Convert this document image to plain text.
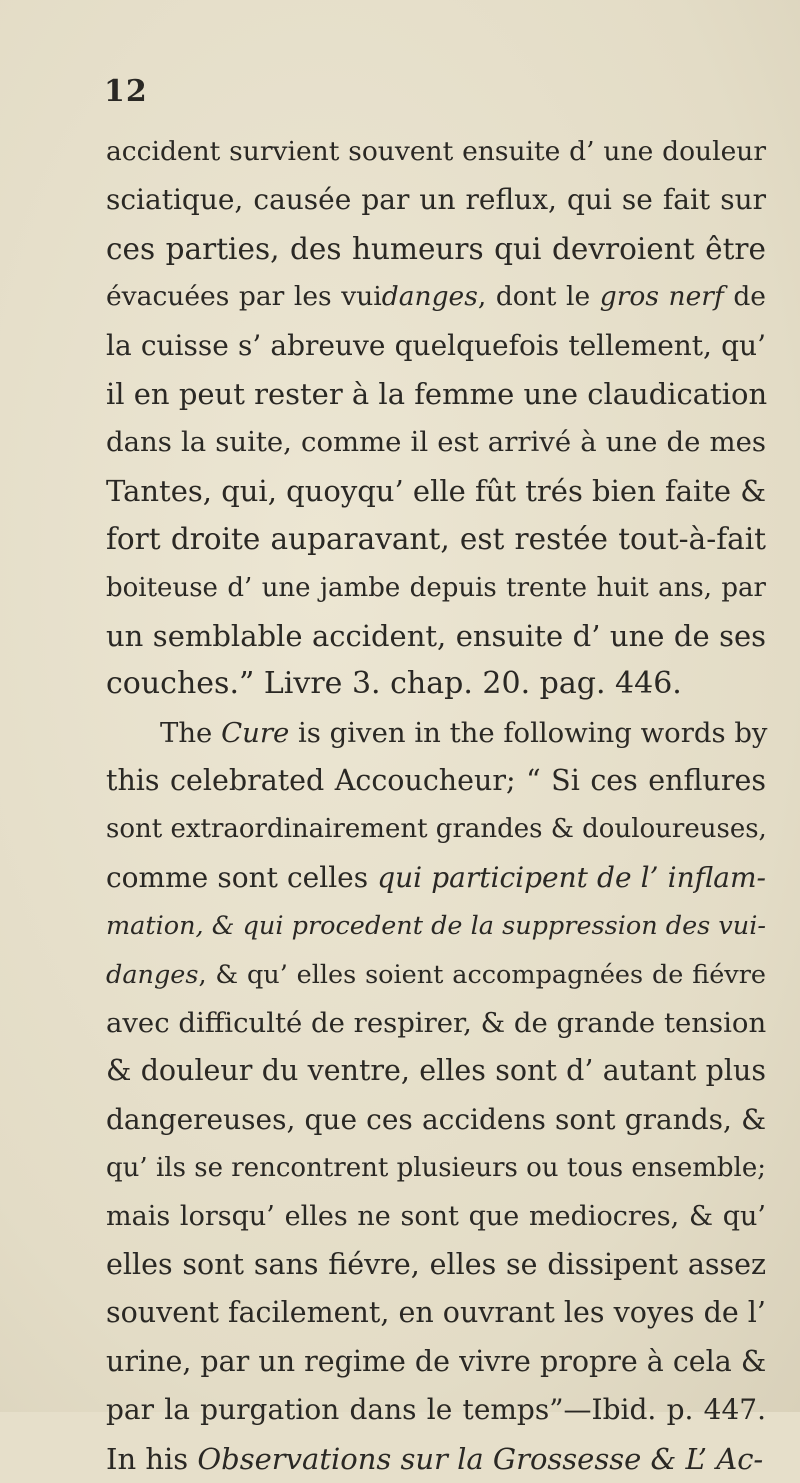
12
accident survient souvent ensuite d’ une douleur
sciatique, causée par un reflux, qui se fait sur
ces parties, des humeurs qui devroient être
évacuées par les vuidanges, dont le gros nerf de
la cuisse s’ abreuve quelquefois tellement, qu’
il en peut rester à la femme une claudication
dans la suite, comme il est arrivé à une de mes
Tantes, qui, quoyqu’ elle fût trés bien faite &
fort droite auparavant, est restée tout-à-fait
boiteuse d’ une jambe depuis trente huit ans, par
un semblable accident, ensuite d’ une de ses
couches.” Livre 3. chap. 20. pag. 446.
The Cure is given in the following words by
this celebrated Accoucheur; “ Si ces enflures
sont extraordinairement grandes & douloureuses,
comme sont celles qui participent de l’ inflam-
mation, & qui procedent de la suppression des vui-
danges, & qu’ elles soient accompagnées de fiévre
avec difficulté de respirer, & de grande tension
& douleur du ventre, elles sont d’ autant plus
dangereuses, que ces accidens sont grands, &
qu’ ils se rencontrent plusieurs ou tous ensemble;
mais lorsqu’ elles ne sont que mediocres, & qu’
elles sont sans fiévre, elles se dissipent assez
souvent facilement, en ouvrant les voyes de l’
urine, par un regime de vivre propre à cela &
par la purgation dans le temps”—Ibid. p. 447.
In his Observations sur la Grossesse & L’ Ac-
